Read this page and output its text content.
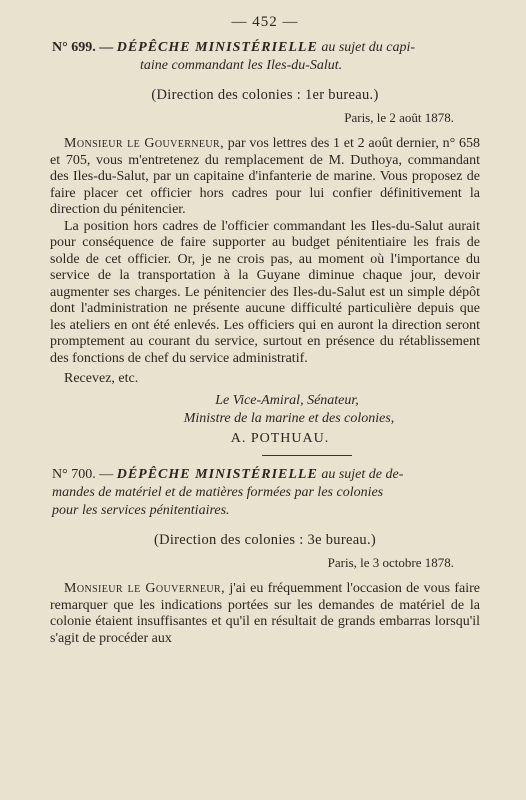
— 452 —
N° 699. — DÉPÊCHE MINISTÉRIELLE au sujet du capi-
taine commandant les Iles-du-Salut.
(Direction des colonies : 1er bureau.)
Paris, le 2 août 1878.

Monsieur le Gouverneur, par vos lettres des 1 et 2 août dernier, n° 658 et 705, vous m'entretenez du remplacement de M. Duthoya, commandant des Iles-du-Salut, par un capitaine d'infanterie de marine. Vous proposez de faire placer cet officier hors cadres pour lui confier définitivement la direction du pénitencier.

La position hors cadres de l'officier commandant les Iles-du-Salut aurait pour conséquence de faire supporter au budget pénitentiaire les frais de solde de cet officier. Or, je ne crois pas, au moment où l'importance du service de la transportation à la Guyane diminue chaque jour, devoir augmenter ses charges. Le pénitencier des Iles-du-Salut est un simple dépôt dont l'administration ne présente aucune difficulté particulière depuis que les ateliers en ont été enlevés. Les officiers qui en auront la direction seront promptement au courant du service, surtout en présence du rétablissement des fonctions de chef du service administratif.

Recevez, etc.
Le Vice-Amiral, Sénateur,
Ministre de la marine et des colonies,
A. POTHUAU.
N° 700. — DÉPÊCHE MINISTÉRIELLE au sujet de de-
mandes de matériel et de matières formées par les colonies
pour les services pénitentiaires.
(Direction des colonies : 3e bureau.)
Paris, le 3 octobre 1878.

Monsieur le Gouverneur, j'ai eu fréquemment l'occasion de vous faire remarquer que les indications portées sur les demandes de matériel de la colonie étaient insuffisantes et qu'il en résultait de grands embarras lorsqu'il s'agit de procéder aux
